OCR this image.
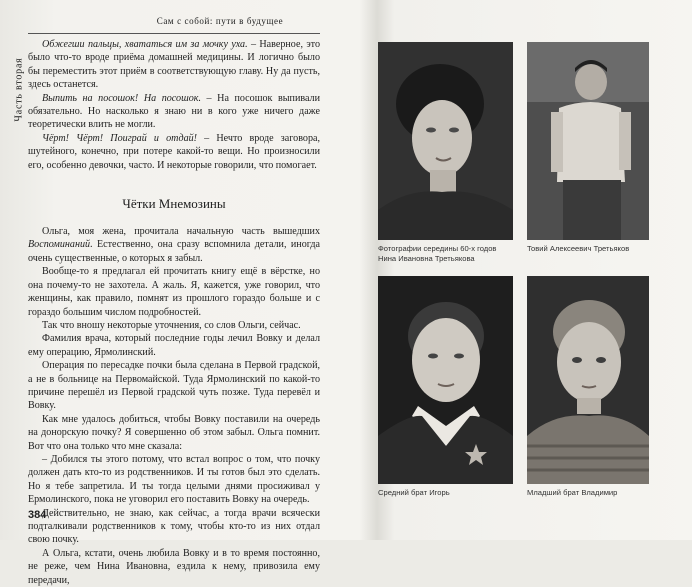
Сам с собой: пути в будущее
Часть вторая

Обжегши пальцы, хвататься им за мочку уха. – Наверное, это было что-то вроде приёма домашней медицины. И логично было бы переместить этот приём в соответствующую главу. Ну да пусть, здесь останется.

Выпить на посошок! На посошок. – На посошок выпивали обязательно. Но насколько я знаю ни в кого уже ничего даже теоретически влить не могли.

Чёрт! Чёрт! Поиграй и отдай! – Нечто вроде заговора, шутейного, конечно, при потере какой-то вещи. Но произносили его, особенно девочки, часто. И некоторые говорили, что помогает.

Чётки Мнемозины

Ольга, моя жена, прочитала начальную часть вышедших Воспоминаний. Естественно, она сразу вспомнила детали, иногда очень существенные, о которых я забыл.

Вообще-то я предлагал ей прочитать книгу ещё в вёрстке, но она почему-то не захотела. А жаль. Я, кажется, уже говорил, что женщины, как правило, помнят из прошлого гораздо больше и с гораздо большим числом подробностей.

Так что вношу некоторые уточнения, со слов Ольги, сейчас.

Фамилия врача, который последние годы лечил Вовку и делал ему операцию, Ярмолинский.

Операция по пересадке почки была сделана в Первой градской, а не в больнице на Первомайской. Туда Ярмолинский по какой-то причине перешёл из Первой градской чуть позже. Туда перевёл и Вовку.

Как мне удалось добиться, чтобы Вовку поставили на очередь на донорскую почку? Я совершенно об этом забыл. Ольга помнит. Вот что она только что мне сказала:

– Добился ты этого потому, что встал вопрос о том, что почку должен дать кто-то из родственников. И ты готов был это сделать. Но я тебе запретила. И ты тогда целыми днями просиживал у Ермолинского, пока не уговорил его поставить Вовку на очередь.

Действительно, не знаю, как сейчас, а тогда врачи всячески подталкивали родственников к тому, чтобы кто-то из них отдал свою почку.

А Ольга, кстати, очень любила Вовку и в то время постоянно, не реже, чем Нина Ивановна, ездила к нему, привозила ему передачи,

384
Фотографии середины 60-х годов Нина Ивановна Третьякова
Товий Алексеевич Третьяков
Средний брат Игорь	Младший брат Владимир
